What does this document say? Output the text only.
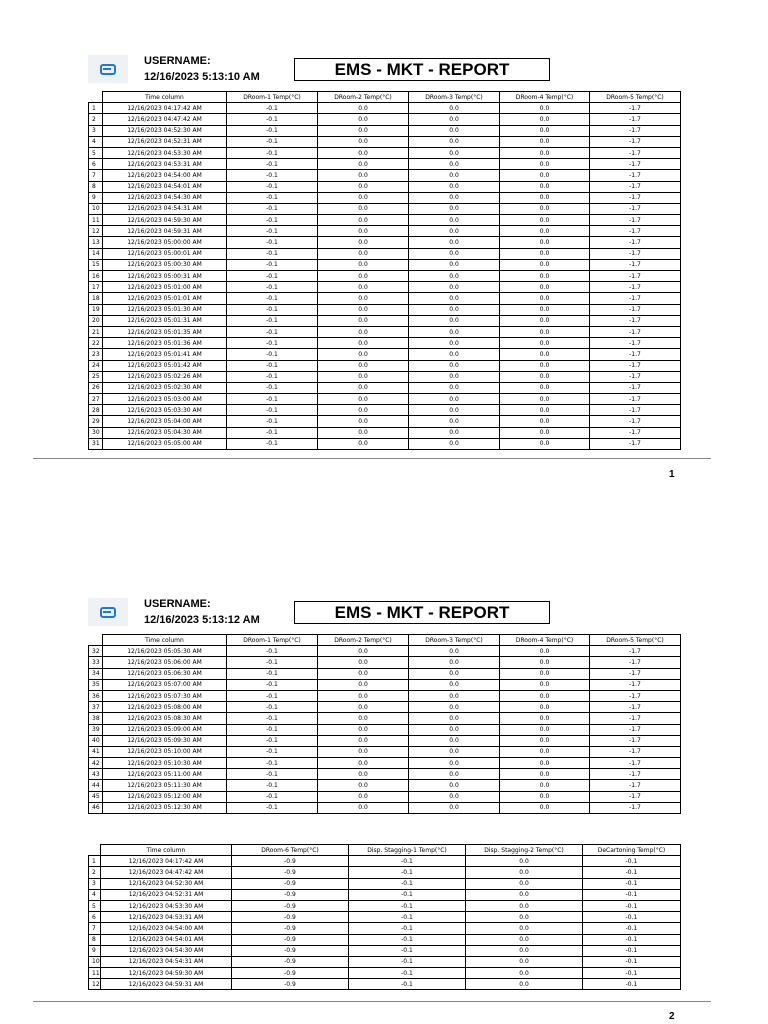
USERNAME:
12/16/2023 5:13:10 AM	EMS - MKT - REPORT
	Time column	DRoom-1 Temp(°C)	DRoom-2 Temp(°C)	DRoom-3 Temp(°C)	DRoom-4 Temp(°C)	DRoom-5 Temp(°C)
1	12/16/2023 04:17:42 AM	-0.1	0.0	0.0	0.0	-1.7
2	12/16/2023 04:47:42 AM	-0.1	0.0	0.0	0.0	-1.7
3	12/16/2023 04:52:30 AM	-0.1	0.0	0.0	0.0	-1.7
4	12/16/2023 04:52:31 AM	-0.1	0.0	0.0	0.0	-1.7
5	12/16/2023 04:53:30 AM	-0.1	0.0	0.0	0.0	-1.7
6	12/16/2023 04:53:31 AM	-0.1	0.0	0.0	0.0	-1.7
7	12/16/2023 04:54:00 AM	-0.1	0.0	0.0	0.0	-1.7
8	12/16/2023 04:54:01 AM	-0.1	0.0	0.0	0.0	-1.7
9	12/16/2023 04:54:30 AM	-0.1	0.0	0.0	0.0	-1.7
10	12/16/2023 04:54:31 AM	-0.1	0.0	0.0	0.0	-1.7
11	12/16/2023 04:59:30 AM	-0.1	0.0	0.0	0.0	-1.7
12	12/16/2023 04:59:31 AM	-0.1	0.0	0.0	0.0	-1.7
13	12/16/2023 05:00:00 AM	-0.1	0.0	0.0	0.0	-1.7
14	12/16/2023 05:00:01 AM	-0.1	0.0	0.0	0.0	-1.7
15	12/16/2023 05:00:30 AM	-0.1	0.0	0.0	0.0	-1.7
16	12/16/2023 05:00:31 AM	-0.1	0.0	0.0	0.0	-1.7
17	12/16/2023 05:01:00 AM	-0.1	0.0	0.0	0.0	-1.7
18	12/16/2023 05:01:01 AM	-0.1	0.0	0.0	0.0	-1.7
19	12/16/2023 05:01:30 AM	-0.1	0.0	0.0	0.0	-1.7
20	12/16/2023 05:01:31 AM	-0.1	0.0	0.0	0.0	-1.7
21	12/16/2023 05:01:35 AM	-0.1	0.0	0.0	0.0	-1.7
22	12/16/2023 05:01:36 AM	-0.1	0.0	0.0	0.0	-1.7
23	12/16/2023 05:01:41 AM	-0.1	0.0	0.0	0.0	-1.7
24	12/16/2023 05:01:42 AM	-0.1	0.0	0.0	0.0	-1.7
25	12/16/2023 05:02:26 AM	-0.1	0.0	0.0	0.0	-1.7
26	12/16/2023 05:02:30 AM	-0.1	0.0	0.0	0.0	-1.7
27	12/16/2023 05:03:00 AM	-0.1	0.0	0.0	0.0	-1.7
28	12/16/2023 05:03:30 AM	-0.1	0.0	0.0	0.0	-1.7
29	12/16/2023 05:04:00 AM	-0.1	0.0	0.0	0.0	-1.7
30	12/16/2023 05:04:30 AM	-0.1	0.0	0.0	0.0	-1.7
31	12/16/2023 05:05:00 AM	-0.1	0.0	0.0	0.0	-1.7
1
USERNAME:
12/16/2023 5:13:12 AM	EMS - MKT - REPORT
	Time column	DRoom-1 Temp(°C)	DRoom-2 Temp(°C)	DRoom-3 Temp(°C)	DRoom-4 Temp(°C)	DRoom-5 Temp(°C)
32	12/16/2023 05:05:30 AM	-0.1	0.0	0.0	0.0	-1.7
33	12/16/2023 05:06:00 AM	-0.1	0.0	0.0	0.0	-1.7
34	12/16/2023 05:06:30 AM	-0.1	0.0	0.0	0.0	-1.7
35	12/16/2023 05:07:00 AM	-0.1	0.0	0.0	0.0	-1.7
36	12/16/2023 05:07:30 AM	-0.1	0.0	0.0	0.0	-1.7
37	12/16/2023 05:08:00 AM	-0.1	0.0	0.0	0.0	-1.7
38	12/16/2023 05:08:30 AM	-0.1	0.0	0.0	0.0	-1.7
39	12/16/2023 05:09:00 AM	-0.1	0.0	0.0	0.0	-1.7
40	12/16/2023 05:09:30 AM	-0.1	0.0	0.0	0.0	-1.7
41	12/16/2023 05:10:00 AM	-0.1	0.0	0.0	0.0	-1.7
42	12/16/2023 05:10:30 AM	-0.1	0.0	0.0	0.0	-1.7
43	12/16/2023 05:11:00 AM	-0.1	0.0	0.0	0.0	-1.7
44	12/16/2023 05:11:30 AM	-0.1	0.0	0.0	0.0	-1.7
45	12/16/2023 05:12:00 AM	-0.1	0.0	0.0	0.0	-1.7
46	12/16/2023 05:12:30 AM	-0.1	0.0	0.0	0.0	-1.7
	Time column	DRoom-6 Temp(°C)	Disp. Stagging-1 Temp(°C)	Disp. Stagging-2 Temp(°C)	DeCartoning Temp(°C)
1	12/16/2023 04:17:42 AM	-0.9	-0.1	0.0	-0.1
2	12/16/2023 04:47:42 AM	-0.9	-0.1	0.0	-0.1
3	12/16/2023 04:52:30 AM	-0.9	-0.1	0.0	-0.1
4	12/16/2023 04:52:31 AM	-0.9	-0.1	0.0	-0.1
5	12/16/2023 04:53:30 AM	-0.9	-0.1	0.0	-0.1
6	12/16/2023 04:53:31 AM	-0.9	-0.1	0.0	-0.1
7	12/16/2023 04:54:00 AM	-0.9	-0.1	0.0	-0.1
8	12/16/2023 04:54:01 AM	-0.9	-0.1	0.0	-0.1
9	12/16/2023 04:54:30 AM	-0.9	-0.1	0.0	-0.1
10	12/16/2023 04:54:31 AM	-0.9	-0.1	0.0	-0.1
11	12/16/2023 04:59:30 AM	-0.9	-0.1	0.0	-0.1
12	12/16/2023 04:59:31 AM	-0.9	-0.1	0.0	-0.1
2
